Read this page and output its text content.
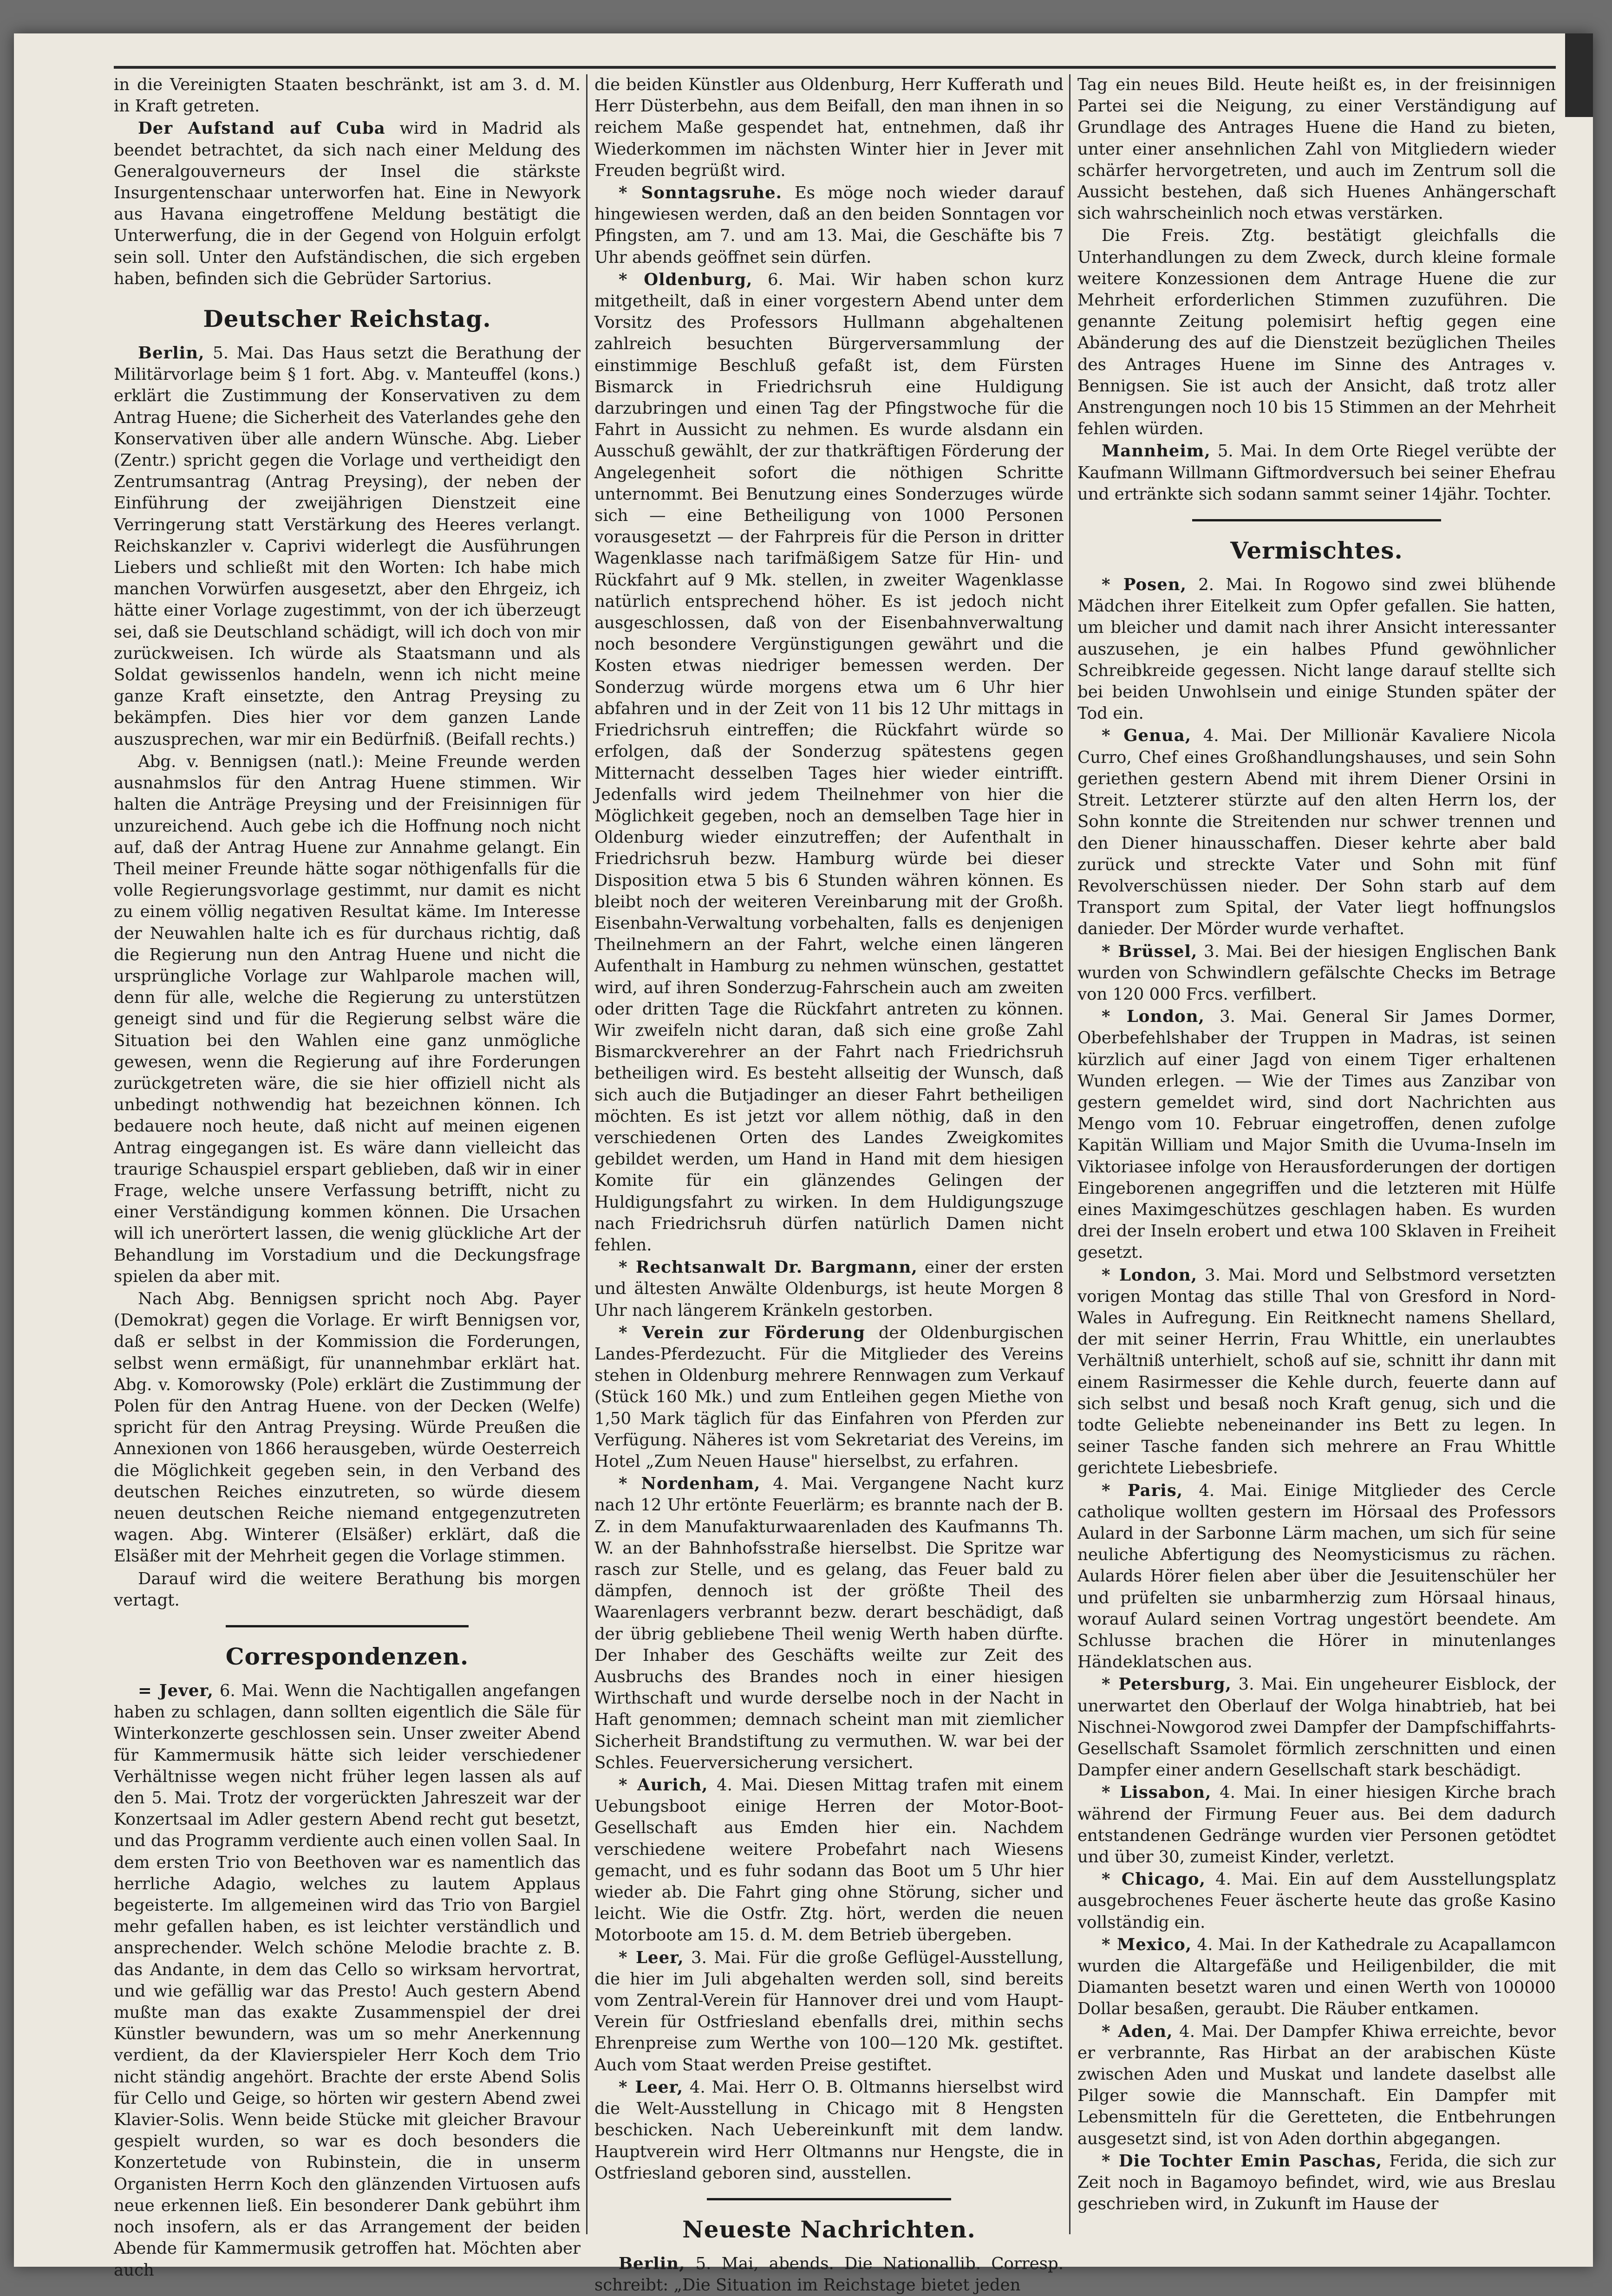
in die Vereinigten Staaten beschränkt, ist am 3. d. M. in Kraft getreten.

Der Aufstand auf Cuba wird in Madrid als beendet betrachtet, da sich nach einer Meldung des Generalgouverneurs der Insel die stärkste Insurgentenschaar unterworfen hat. Eine in Newyork aus Havana eingetroffene Meldung bestätigt die Unterwerfung, die in der Gegend von Holguin erfolgt sein soll. Unter den Aufständischen, die sich ergeben haben, befinden sich die Gebrüder Sartorius.

Deutscher Reichstag.

Berlin, 5. Mai. Das Haus setzt die Berathung der Militärvorlage beim § 1 fort. Abg. v. Manteuffel (kons.) erklärt die Zustimmung der Konservativen zu dem Antrag Huene; die Sicherheit des Vaterlandes gehe den Konservativen über alle andern Wünsche. Abg. Lieber (Zentr.) spricht gegen die Vorlage und vertheidigt den Zentrumsantrag (Antrag Preysing), der neben der Einführung der zweijährigen Dienstzeit eine Verringerung statt Verstärkung des Heeres verlangt. Reichskanzler v. Caprivi widerlegt die Ausführungen Liebers und schließt mit den Worten: Ich habe mich manchen Vorwürfen ausgesetzt, aber den Ehrgeiz, ich hätte einer Vorlage zugestimmt, von der ich überzeugt sei, daß sie Deutschland schädigt, will ich doch von mir zurückweisen. Ich würde als Staatsmann und als Soldat gewissenlos handeln, wenn ich nicht meine ganze Kraft einsetzte, den Antrag Preysing zu bekämpfen. Dies hier vor dem ganzen Lande auszusprechen, war mir ein Bedürfniß. (Beifall rechts.)

Abg. v. Bennigsen (natl.): Meine Freunde werden ausnahmslos für den Antrag Huene stimmen. Wir halten die Anträge Preysing und der Freisinnigen für unzureichend. Auch gebe ich die Hoffnung noch nicht auf, daß der Antrag Huene zur Annahme gelangt. Ein Theil meiner Freunde hätte sogar nöthigenfalls für die volle Regierungsvorlage gestimmt, nur damit es nicht zu einem völlig negativen Resultat käme. Im Interesse der Neuwahlen halte ich es für durchaus richtig, daß die Regierung nun den Antrag Huene und nicht die ursprüngliche Vorlage zur Wahlparole machen will, denn für alle, welche die Regierung zu unterstützen geneigt sind und für die Regierung selbst wäre die Situation bei den Wahlen eine ganz unmögliche gewesen, wenn die Regierung auf ihre Forderungen zurückgetreten wäre, die sie hier offiziell nicht als unbedingt nothwendig hat bezeichnen können. Ich bedauere noch heute, daß nicht auf meinen eigenen Antrag eingegangen ist. Es wäre dann vielleicht das traurige Schauspiel erspart geblieben, daß wir in einer Frage, welche unsere Verfassung betrifft, nicht zu einer Verständigung kommen können. Die Ursachen will ich unerörtert lassen, die wenig glückliche Art der Behandlung im Vorstadium und die Deckungsfrage spielen da aber mit.

Nach Abg. Bennigsen spricht noch Abg. Payer (Demokrat) gegen die Vorlage. Er wirft Bennigsen vor, daß er selbst in der Kommission die Forderungen, selbst wenn ermäßigt, für unannehmbar erklärt hat. Abg. v. Komorowsky (Pole) erklärt die Zustimmung der Polen für den Antrag Huene. von der Decken (Welfe) spricht für den Antrag Preysing. Würde Preußen die Annexionen von 1866 herausgeben, würde Oesterreich die Möglichkeit gegeben sein, in den Verband des deutschen Reiches einzutreten, so würde diesem neuen deutschen Reiche niemand entgegenzutreten wagen. Abg. Winterer (Elsäßer) erklärt, daß die Elsäßer mit der Mehrheit gegen die Vorlage stimmen.

Darauf wird die weitere Berathung bis morgen vertagt.

Correspondenzen.

= Jever, 6. Mai. Wenn die Nachtigallen angefangen haben zu schlagen, dann sollten eigentlich die Säle für Winterkonzerte geschlossen sein. Unser zweiter Abend für Kammermusik hätte sich leider verschiedener Verhältnisse wegen nicht früher legen lassen als auf den 5. Mai. Trotz der vorgerückten Jahreszeit war der Konzertsaal im Adler gestern Abend recht gut besetzt, und das Programm verdiente auch einen vollen Saal. In dem ersten Trio von Beethoven war es namentlich das herrliche Adagio, welches zu lautem Applaus begeisterte. Im allgemeinen wird das Trio von Bargiel mehr gefallen haben, es ist leichter verständlich und ansprechender. Welch schöne Melodie brachte z. B. das Andante, in dem das Cello so wirksam hervortrat, und wie gefällig war das Presto! Auch gestern Abend mußte man das exakte Zusammenspiel der drei Künstler bewundern, was um so mehr Anerkennung verdient, da der Klavierspieler Herr Koch dem Trio nicht ständig angehört. Brachte der erste Abend Solis für Cello und Geige, so hörten wir gestern Abend zwei Klavier-Solis. Wenn beide Stücke mit gleicher Bravour gespielt wurden, so war es doch besonders die Konzertetude von Rubinstein, die in unserm Organisten Herrn Koch den glänzenden Virtuosen aufs neue erkennen ließ. Ein besonderer Dank gebührt ihm noch insofern, als er das Arrangement der beiden Abende für Kammermusik getroffen hat. Möchten aber auch

die beiden Künstler aus Oldenburg, Herr Kufferath und Herr Düsterbehn, aus dem Beifall, den man ihnen in so reichem Maße gespendet hat, entnehmen, daß ihr Wiederkommen im nächsten Winter hier in Jever mit Freuden begrüßt wird.

* Sonntagsruhe. Es möge noch wieder darauf hingewiesen werden, daß an den beiden Sonntagen vor Pfingsten, am 7. und am 13. Mai, die Geschäfte bis 7 Uhr abends geöffnet sein dürfen.

* Oldenburg, 6. Mai. Wir haben schon kurz mitgetheilt, daß in einer vorgestern Abend unter dem Vorsitz des Professors Hullmann abgehaltenen zahlreich besuchten Bürgerversammlung der einstimmige Beschluß gefaßt ist, dem Fürsten Bismarck in Friedrichsruh eine Huldigung darzubringen und einen Tag der Pfingstwoche für die Fahrt in Aussicht zu nehmen. Es wurde alsdann ein Ausschuß gewählt, der zur thatkräftigen Förderung der Angelegenheit sofort die nöthigen Schritte unternommt. Bei Benutzung eines Sonderzuges würde sich — eine Betheiligung von 1000 Personen vorausgesetzt — der Fahrpreis für die Person in dritter Wagenklasse nach tarifmäßigem Satze für Hin- und Rückfahrt auf 9 Mk. stellen, in zweiter Wagenklasse natürlich entsprechend höher. Es ist jedoch nicht ausgeschlossen, daß von der Eisenbahnverwaltung noch besondere Vergünstigungen gewährt und die Kosten etwas niedriger bemessen werden. Der Sonderzug würde morgens etwa um 6 Uhr hier abfahren und in der Zeit von 11 bis 12 Uhr mittags in Friedrichsruh eintreffen; die Rückfahrt würde so erfolgen, daß der Sonderzug spätestens gegen Mitternacht desselben Tages hier wieder eintrifft. Jedenfalls wird jedem Theilnehmer von hier die Möglichkeit gegeben, noch an demselben Tage hier in Oldenburg wieder einzutreffen; der Aufenthalt in Friedrichsruh bezw. Hamburg würde bei dieser Disposition etwa 5 bis 6 Stunden währen können. Es bleibt noch der weiteren Vereinbarung mit der Großh. Eisenbahn-Verwaltung vorbehalten, falls es denjenigen Theilnehmern an der Fahrt, welche einen längeren Aufenthalt in Hamburg zu nehmen wünschen, gestattet wird, auf ihren Sonderzug-Fahrschein auch am zweiten oder dritten Tage die Rückfahrt antreten zu können. Wir zweifeln nicht daran, daß sich eine große Zahl Bismarckverehrer an der Fahrt nach Friedrichsruh betheiligen wird. Es besteht allseitig der Wunsch, daß sich auch die Butjadinger an dieser Fahrt betheiligen möchten. Es ist jetzt vor allem nöthig, daß in den verschiedenen Orten des Landes Zweigkomites gebildet werden, um Hand in Hand mit dem hiesigen Komite für ein glänzendes Gelingen der Huldigungsfahrt zu wirken. In dem Huldigungszuge nach Friedrichsruh dürfen natürlich Damen nicht fehlen.

* Rechtsanwalt Dr. Bargmann, einer der ersten und ältesten Anwälte Oldenburgs, ist heute Morgen 8 Uhr nach längerem Kränkeln gestorben.

* Verein zur Förderung der Oldenburgischen Landes-Pferdezucht. Für die Mitglieder des Vereins stehen in Oldenburg mehrere Rennwagen zum Verkauf (Stück 160 Mk.) und zum Entleihen gegen Miethe von 1,50 Mark täglich für das Einfahren von Pferden zur Verfügung. Näheres ist vom Sekretariat des Vereins, im Hotel „Zum Neuen Hause" hierselbst, zu erfahren.

* Nordenham, 4. Mai. Vergangene Nacht kurz nach 12 Uhr ertönte Feuerlärm; es brannte nach der B. Z. in dem Manufakturwaarenladen des Kaufmanns Th. W. an der Bahnhofsstraße hierselbst. Die Spritze war rasch zur Stelle, und es gelang, das Feuer bald zu dämpfen, dennoch ist der größte Theil des Waarenlagers verbrannt bezw. derart beschädigt, daß der übrig gebliebene Theil wenig Werth haben dürfte. Der Inhaber des Geschäfts weilte zur Zeit des Ausbruchs des Brandes noch in einer hiesigen Wirthschaft und wurde derselbe noch in der Nacht in Haft genommen; demnach scheint man mit ziemlicher Sicherheit Brandstiftung zu vermuthen. W. war bei der Schles. Feuerversicherung versichert.

* Aurich, 4. Mai. Diesen Mittag trafen mit einem Uebungsboot einige Herren der Motor-Boot-Gesellschaft aus Emden hier ein. Nachdem verschiedene weitere Probefahrt nach Wiesens gemacht, und es fuhr sodann das Boot um 5 Uhr hier wieder ab. Die Fahrt ging ohne Störung, sicher und leicht. Wie die Ostfr. Ztg. hört, werden die neuen Motorboote am 15. d. M. dem Betrieb übergeben.

* Leer, 3. Mai. Für die große Geflügel-Ausstellung, die hier im Juli abgehalten werden soll, sind bereits vom Zentral-Verein für Hannover drei und vom Haupt-Verein für Ostfriesland ebenfalls drei, mithin sechs Ehrenpreise zum Werthe von 100—120 Mk. gestiftet. Auch vom Staat werden Preise gestiftet.

* Leer, 4. Mai. Herr O. B. Oltmanns hierselbst wird die Welt-Ausstellung in Chicago mit 8 Hengsten beschicken. Nach Uebereinkunft mit dem landw. Hauptverein wird Herr Oltmanns nur Hengste, die in Ostfriesland geboren sind, ausstellen.

Neueste Nachrichten.

Berlin, 5. Mai, abends. Die Nationallib. Corresp. schreibt: „Die Situation im Reichstage bietet jeden

Tag ein neues Bild. Heute heißt es, in der freisinnigen Partei sei die Neigung, zu einer Verständigung auf Grundlage des Antrages Huene die Hand zu bieten, unter einer ansehnlichen Zahl von Mitgliedern wieder schärfer hervorgetreten, und auch im Zentrum soll die Aussicht bestehen, daß sich Huenes Anhängerschaft sich wahrscheinlich noch etwas verstärken.

Die Freis. Ztg. bestätigt gleichfalls die Unterhandlungen zu dem Zweck, durch kleine formale weitere Konzessionen dem Antrage Huene die zur Mehrheit erforderlichen Stimmen zuzuführen. Die genannte Zeitung polemisirt heftig gegen eine Abänderung des auf die Dienstzeit bezüglichen Theiles des Antrages Huene im Sinne des Antrages v. Bennigsen. Sie ist auch der Ansicht, daß trotz aller Anstrengungen noch 10 bis 15 Stimmen an der Mehrheit fehlen würden.

Mannheim, 5. Mai. In dem Orte Riegel verübte der Kaufmann Willmann Giftmordversuch bei seiner Ehefrau und ertränkte sich sodann sammt seiner 14jähr. Tochter.

Vermischtes.

* Posen, 2. Mai. In Rogowo sind zwei blühende Mädchen ihrer Eitelkeit zum Opfer gefallen. Sie hatten, um bleicher und damit nach ihrer Ansicht interessanter auszusehen, je ein halbes Pfund gewöhnlicher Schreibkreide gegessen. Nicht lange darauf stellte sich bei beiden Unwohlsein und einige Stunden später der Tod ein.

* Genua, 4. Mai. Der Millionär Kavaliere Nicola Curro, Chef eines Großhandlungshauses, und sein Sohn geriethen gestern Abend mit ihrem Diener Orsini in Streit. Letzterer stürzte auf den alten Herrn los, der Sohn konnte die Streitenden nur schwer trennen und den Diener hinausschaffen. Dieser kehrte aber bald zurück und streckte Vater und Sohn mit fünf Revolverschüssen nieder. Der Sohn starb auf dem Transport zum Spital, der Vater liegt hoffnungslos danieder. Der Mörder wurde verhaftet.

* Brüssel, 3. Mai. Bei der hiesigen Englischen Bank wurden von Schwindlern gefälschte Checks im Betrage von 120 000 Frcs. verfilbert.

* London, 3. Mai. General Sir James Dormer, Oberbefehlshaber der Truppen in Madras, ist seinen kürzlich auf einer Jagd von einem Tiger erhaltenen Wunden erlegen. — Wie der Times aus Zanzibar von gestern gemeldet wird, sind dort Nachrichten aus Mengo vom 10. Februar eingetroffen, denen zufolge Kapitän William und Major Smith die Uvuma-Inseln im Viktoriasee infolge von Herausforderungen der dortigen Eingeborenen angegriffen und die letzteren mit Hülfe eines Maximgeschützes geschlagen haben. Es wurden drei der Inseln erobert und etwa 100 Sklaven in Freiheit gesetzt.

* London, 3. Mai. Mord und Selbstmord versetzten vorigen Montag das stille Thal von Gresford in Nord-Wales in Aufregung. Ein Reitknecht namens Shellard, der mit seiner Herrin, Frau Whittle, ein unerlaubtes Verhältniß unterhielt, schoß auf sie, schnitt ihr dann mit einem Rasirmesser die Kehle durch, feuerte dann auf sich selbst und besaß noch Kraft genug, sich und die todte Geliebte nebeneinander ins Bett zu legen. In seiner Tasche fanden sich mehrere an Frau Whittle gerichtete Liebesbriefe.

* Paris, 4. Mai. Einige Mitglieder des Cercle catholique wollten gestern im Hörsaal des Professors Aulard in der Sarbonne Lärm machen, um sich für seine neuliche Abfertigung des Neomysticismus zu rächen. Aulards Hörer fielen aber über die Jesuitenschüler her und prüfelten sie unbarmherzig zum Hörsaal hinaus, worauf Aulard seinen Vortrag ungestört beendete. Am Schlusse brachen die Hörer in minutenlanges Händeklatschen aus.

* Petersburg, 3. Mai. Ein ungeheurer Eisblock, der unerwartet den Oberlauf der Wolga hinabtrieb, hat bei Nischnei-Nowgorod zwei Dampfer der Dampfschiffahrts-Gesellschaft Ssamolet förmlich zerschnitten und einen Dampfer einer andern Gesellschaft stark beschädigt.

* Lissabon, 4. Mai. In einer hiesigen Kirche brach während der Firmung Feuer aus. Bei dem dadurch entstandenen Gedränge wurden vier Personen getödtet und über 30, zumeist Kinder, verletzt.

* Chicago, 4. Mai. Ein auf dem Ausstellungsplatz ausgebrochenes Feuer äscherte heute das große Kasino vollständig ein.

* Mexico, 4. Mai. In der Kathedrale zu Acapallamcon wurden die Altargefäße und Heiligenbilder, die mit Diamanten besetzt waren und einen Werth von 100000 Dollar besaßen, geraubt. Die Räuber entkamen.

* Aden, 4. Mai. Der Dampfer Khiwa erreichte, bevor er verbrannte, Ras Hirbat an der arabischen Küste zwischen Aden und Muskat und landete daselbst alle Pilger sowie die Mannschaft. Ein Dampfer mit Lebensmitteln für die Geretteten, die Entbehrungen ausgesetzt sind, ist von Aden dorthin abgegangen.

* Die Tochter Emin Paschas, Ferida, die sich zur Zeit noch in Bagamoyo befindet, wird, wie aus Breslau geschrieben wird, in Zukunft im Hause der
